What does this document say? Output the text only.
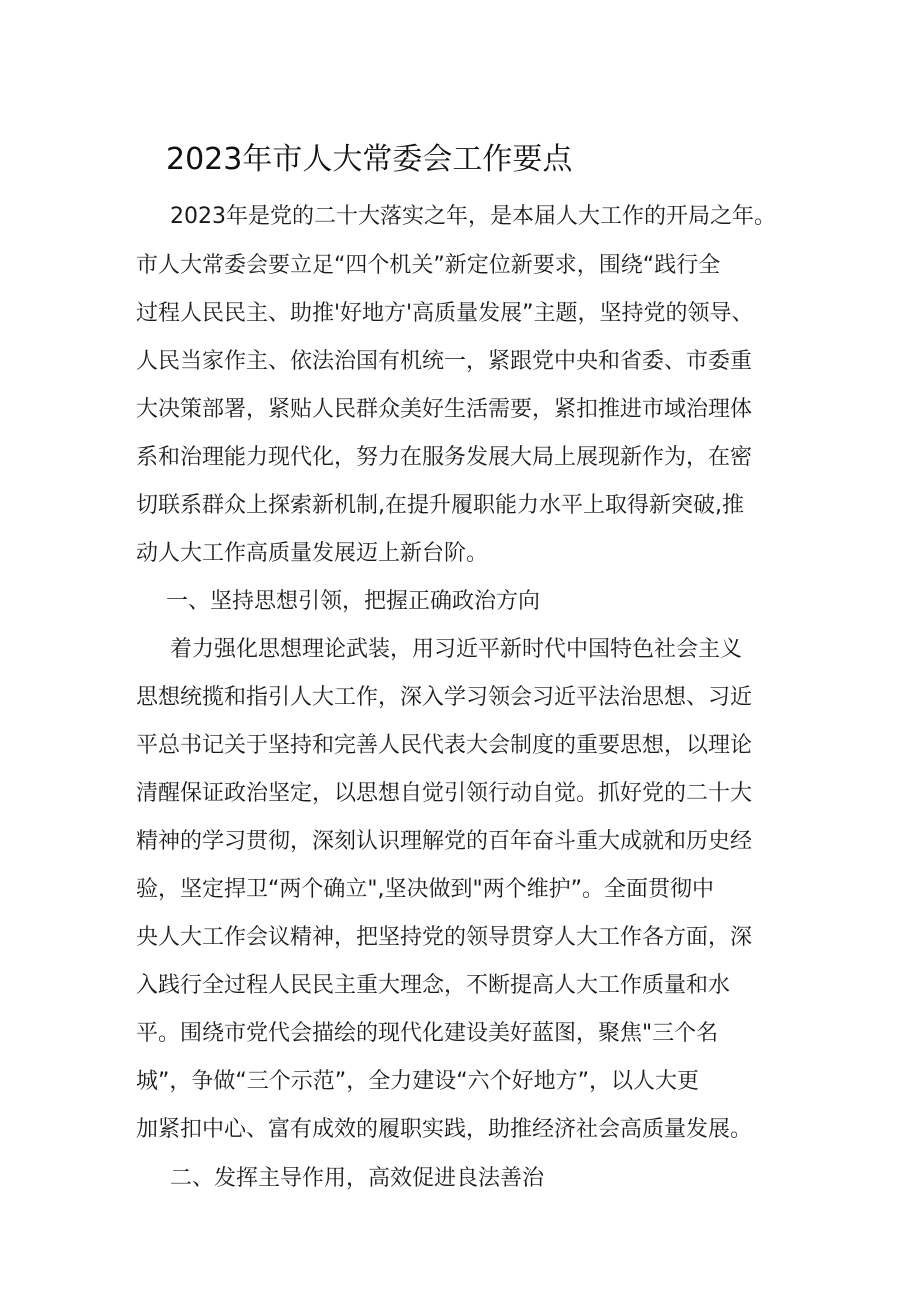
2023年市人大常委会工作要点
2023年是党的二十大落实之年，是本届人大工作的开局之年。
市人大常委会要立足“四个机关”新定位新要求，围绕“践行全
过程人民民主、助推'好地方'高质量发展”主题，坚持党的领导、
人民当家作主、依法治国有机统一，紧跟党中央和省委、市委重
大决策部署，紧贴人民群众美好生活需要，紧扣推进市域治理体
系和治理能力现代化，努力在服务发展大局上展现新作为，在密
切联系群众上探索新机制,在提升履职能力水平上取得新突破,推
动人大工作高质量发展迈上新台阶。
一、坚持思想引领，把握正确政治方向
着力强化思想理论武装，用习近平新时代中国特色社会主义
思想统揽和指引人大工作，深入学习领会习近平法治思想、习近
平总书记关于坚持和完善人民代表大会制度的重要思想，以理论
清醒保证政治坚定，以思想自觉引领行动自觉。抓好党的二十大
精神的学习贯彻，深刻认识理解党的百年奋斗重大成就和历史经
验，坚定捍卫“两个确立",坚决做到"两个维护”。全面贯彻中
央人大工作会议精神，把坚持党的领导贯穿人大工作各方面，深
入践行全过程人民民主重大理念，不断提高人大工作质量和水
平。围绕市党代会描绘的现代化建设美好蓝图，聚焦"三个名
城”，争做“三个示范”，全力建设“六个好地方”，以人大更
加紧扣中心、富有成效的履职实践，助推经济社会高质量发展。
二、发挥主导作用，高效促进良法善治
